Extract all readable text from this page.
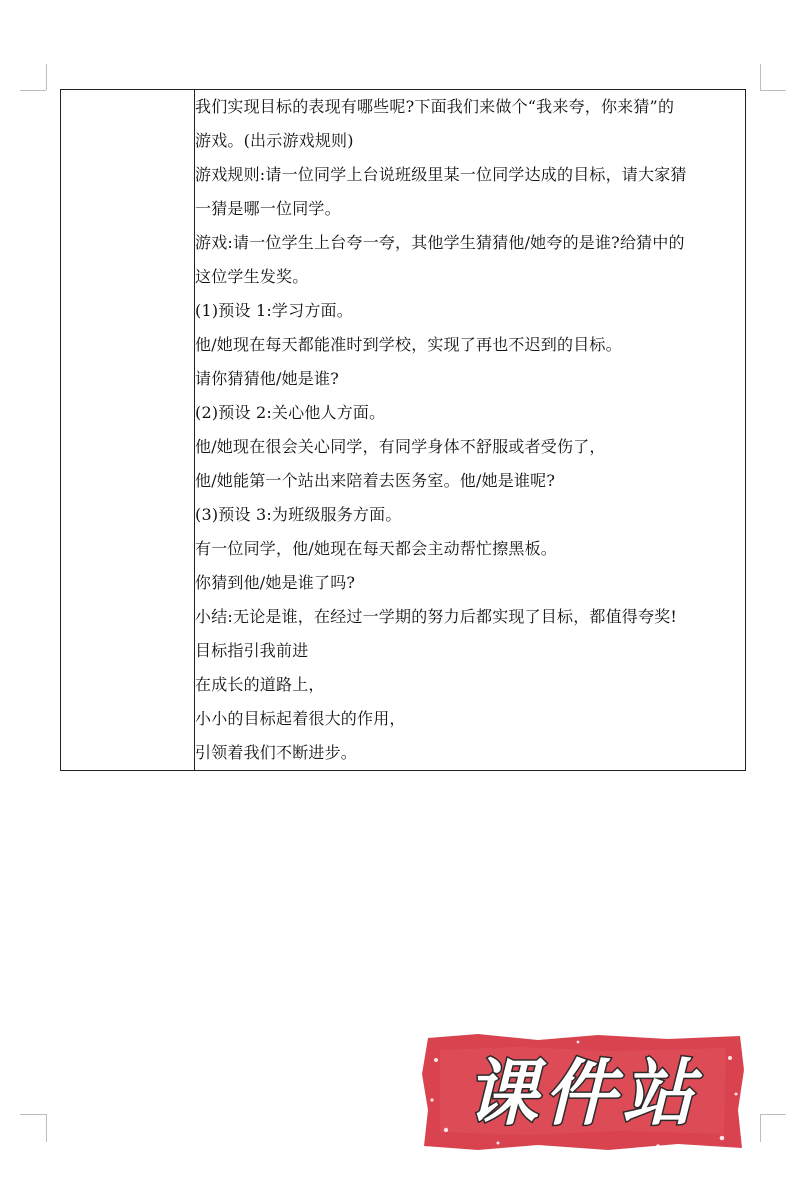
我们实现目标的表现有哪些呢?下面我们来做个“我来夸，你来猜”的
游戏。(出示游戏规则)
游戏规则:请一位同学上台说班级里某一位同学达成的目标，请大家猜
一猜是哪一位同学。
游戏:请一位学生上台夸一夸，其他学生猜猜他/她夸的是谁?给猜中的
这位学生发奖。
(1)预设 1:学习方面。
他/她现在每天都能准时到学校，实现了再也不迟到的目标。
请你猜猜他/她是谁?
(2)预设 2:关心他人方面。
他/她现在很会关心同学，有同学身体不舒服或者受伤了，
他/她能第一个站出来陪着去医务室。他/她是谁呢?
(3)预设 3:为班级服务方面。
有一位同学，他/她现在每天都会主动帮忙擦黑板。
你猜到他/她是谁了吗?
小结:无论是谁，在经过一学期的努力后都实现了目标，都值得夸奖!
目标指引我前进
在成长的道路上，
小小的目标起着很大的作用，
引领着我们不断进步。
课件站
